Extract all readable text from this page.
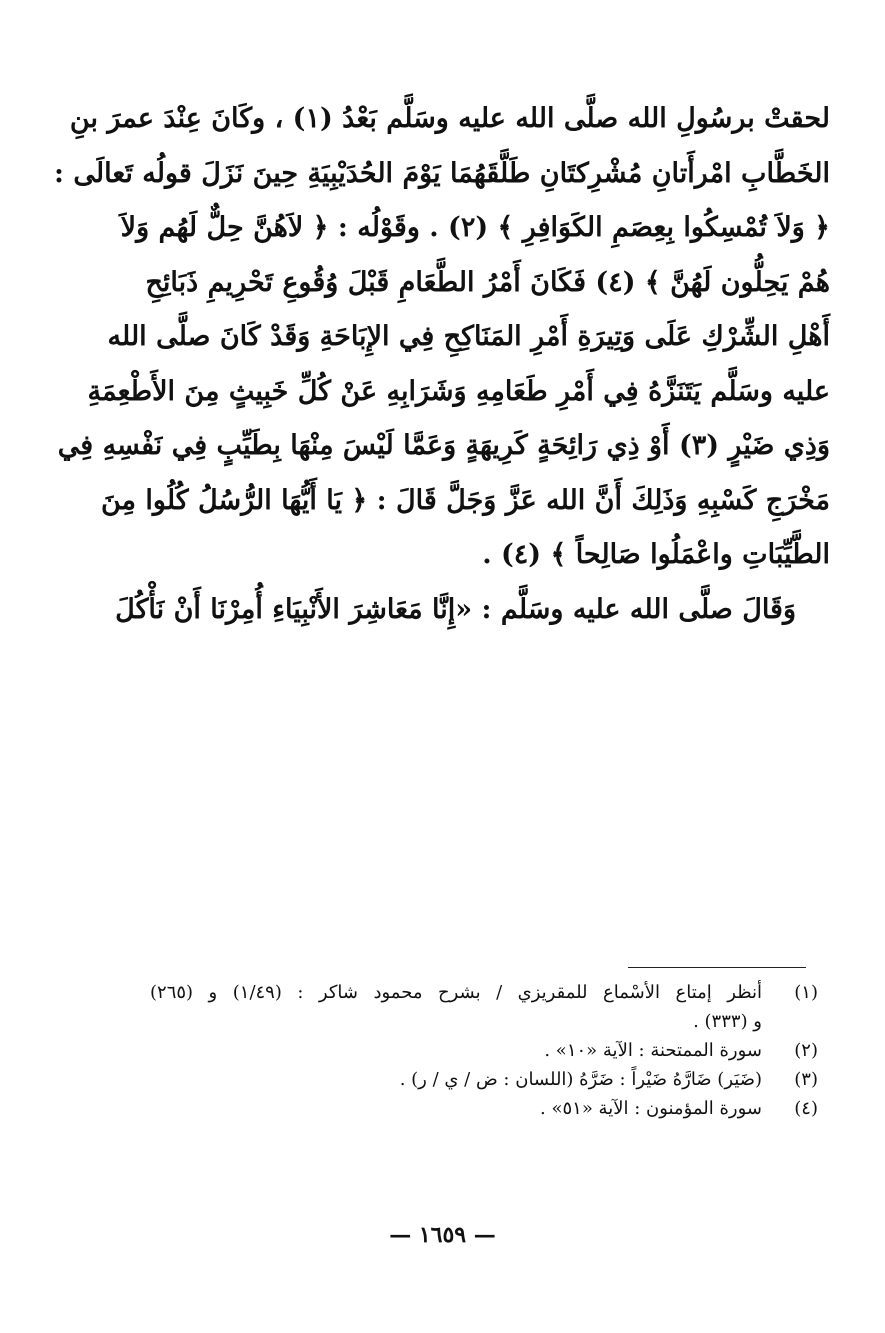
لحقتْ برسُولِ الله صلَّى الله عليه وسَلَّم بَعْدُ (١) ، وكَانَ عِنْدَ عمرَ بنِ
الخَطَّابِ امْرأَتانِ مُشْرِكتَانِ طَلَّقَهُمَا يَوْمَ الحُدَيْبِيَةِ حِينَ نَزَلَ قولُه تَعالَى :
﴿ وَلاَ تُمْسِكُوا بِعِصَمِ الكَوَافِرِ ﴾ (٢) . وقَوْلُه : ﴿ لاَهُنَّ حِلٌّ لَهُم وَلاَ
هُمْ يَحِلُّون لَهُنَّ ﴾ (٤) فَكَانَ أَمْرُ الطَّعَامِ قَبْلَ وُقُوعِ تَحْرِيمِ ذَبَائِحِ
أَهْلِ الشِّرْكِ عَلَى وَتِيرَةِ أَمْرِ المَنَاكِحِ فِي الإِبَاحَةِ وَقَدْ كَانَ صلَّى الله
عليه وسَلَّم يَتَنَزَّهُ فِي أَمْرِ طَعَامِهِ وَشَرَابِهِ عَنْ كُلِّ خَبِيثٍ مِنَ الأَطْعِمَةِ
وَذِي ضَيْرٍ (٣) أَوْ ذِي رَائِحَةٍ كَرِيهَةٍ وَعَمَّا لَيْسَ مِنْهَا بِطَيِّبٍ فِي نَفْسِهِ فِي
مَخْرَجِ كَسْبِهِ وَذَلِكَ أَنَّ الله عَزَّ وَجَلَّ قَالَ : ﴿ يَا أَيُّهَا الرُّسُلُ كُلُوا مِنَ
الطَّيِّبَاتِ واعْمَلُوا صَالِحاً ﴾ (٤) .
وَقَالَ صلَّى الله عليه وسَلَّم : «إِنَّا مَعَاشِرَ الأَنْبِيَاءِ أُمِرْنَا أَنْ نَأْكُلَ
(١)
أنظر إمتاع الأسْماع للمقريزي / بشرح محمود شاكر : (١/٤٩) و (٢٦٥)
و (٣٣٣) .
(٢)
سورة الممتحنة : الآية «١٠» .
(٣)
(ضَيَر) ضَارَّهُ ضَيْراً : ضَرَّهُ (اللسان : ض / ي / ر) .
(٤)
سورة المؤمنون : الآية «٥١» .
— ١٦٥٩ —
